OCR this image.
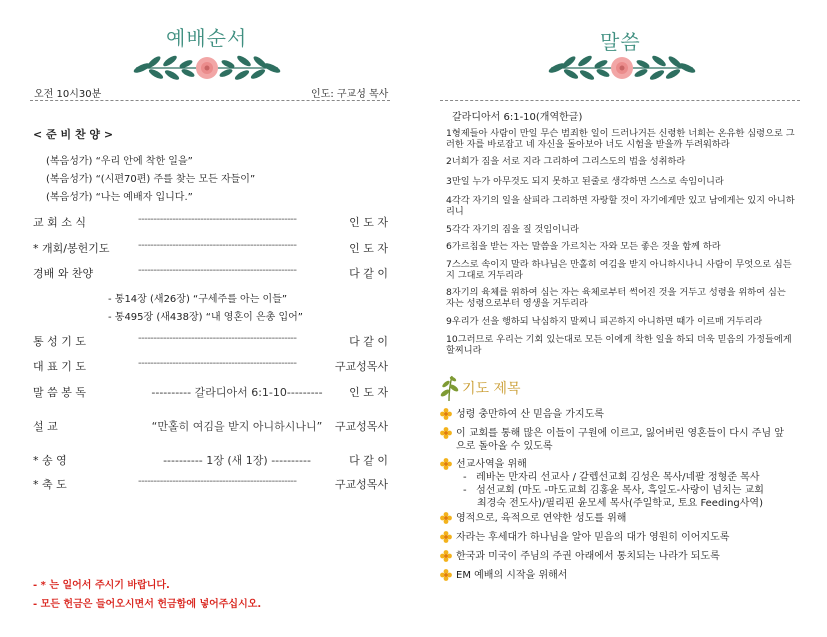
예배순서
오전 10시30분	인도: 구교성 목사
< 준 비 찬 양 >
(복음성가) “우리 안에 착한 일을”
(복음성가) “(시편70편) 주를 찾는 모든 자들이”
(복음성가) “나는 예배자 입니다.”
교 회 소 식	---------------------------------------------------	인 도 자
* 개회/봉헌기도	---------------------------------------------------	인 도 자
경배 와 찬양	---------------------------------------------------	다 같 이
- 통14장 (새26장) “구세주를 아는 이들”
- 통495장 (새438장) “내 영혼이 은총 입어”
통 성 기 도	---------------------------------------------------	다 같 이
대 표 기 도	---------------------------------------------------	구교성목사
말 씀 봉 독	---------- 갈라디아서 6:1-10---------	인 도 자
설 교	“만홀히 여김을 받지 아니하시나니”	구교성목사
* 송 영	---------- 1장 (새 1장) ----------	다 같 이
* 축 도	---------------------------------------------------	구교성목사
- * 는 일어서 주시기 바랍니다.
- 모든 헌금은 들어오시면서 헌금함에 넣어주십시오.
말씀
갈라디아서 6:1-10(개역한글)
1형제들아 사람이 만일 무슨 범죄한 일이 드러나거든 신령한 너희는 온유한 심령으로 그러한 자를 바로잡고 네 자신을 돌아보아 너도 시험을 받을까 두려워하라
2너희가 짐을 서로 지라 그리하여 그리스도의 법을 성취하라
3만일 누가 아무것도 되지 못하고 된줄로 생각하면 스스로 속임이니라
4각각 자기의 일을 살피라 그리하면 자랑할 것이 자기에게만 있고 남에게는 있지 아니하리니
5각각 자기의 짐을 질 것임이니라
6가르침을 받는 자는 말씀을 가르치는 자와 모든 좋은 것을 함께 하라
7스스로 속이지 말라 하나님은 만홀히 여김을 받지 아니하시나니 사람이 무엇으로 심든지 그대로 거두리라
8자기의 육체를 위하여 심는 자는 육체로부터 썩어진 것을 거두고 성령을 위하여 심는 자는 성령으로부터 영생을 거두리라
9우리가 선을 행하되 낙심하지 말찌니 피곤하지 아니하면 때가 이르매 거두리라
10그러므로 우리는 기회 있는대로 모든 이에게 착한 일을 하되 더욱 믿음의 가정들에게 할찌니라
기도 제목
성령 충만하여 산 믿음을 가지도록
이 교회를 통해 많은 이들이 구원에 이르고, 잃어버린 영혼들이 다시 주님 앞으로 돌아올 수 있도록
선교사역을 위해
-   레바논 만자리 선교사 / 갈렙선교회 김성은 목사/네팔 정형준 목사
-   섬선교회 (마도 -마도교회 김홍윤 목사, 흑일도-사랑이 넘치는 교회
최경숙 전도사)/필리핀 윤모세 목사(주일학교, 토요 Feeding사역)
영적으로, 육적으로 연약한 성도를 위해
자라는 후세대가 하나님을 알아 믿음의 대가 영원히 이어지도록
한국과 미국이 주님의 주권 아래에서 통치되는 나라가 되도록
EM 예배의 시작을 위해서
